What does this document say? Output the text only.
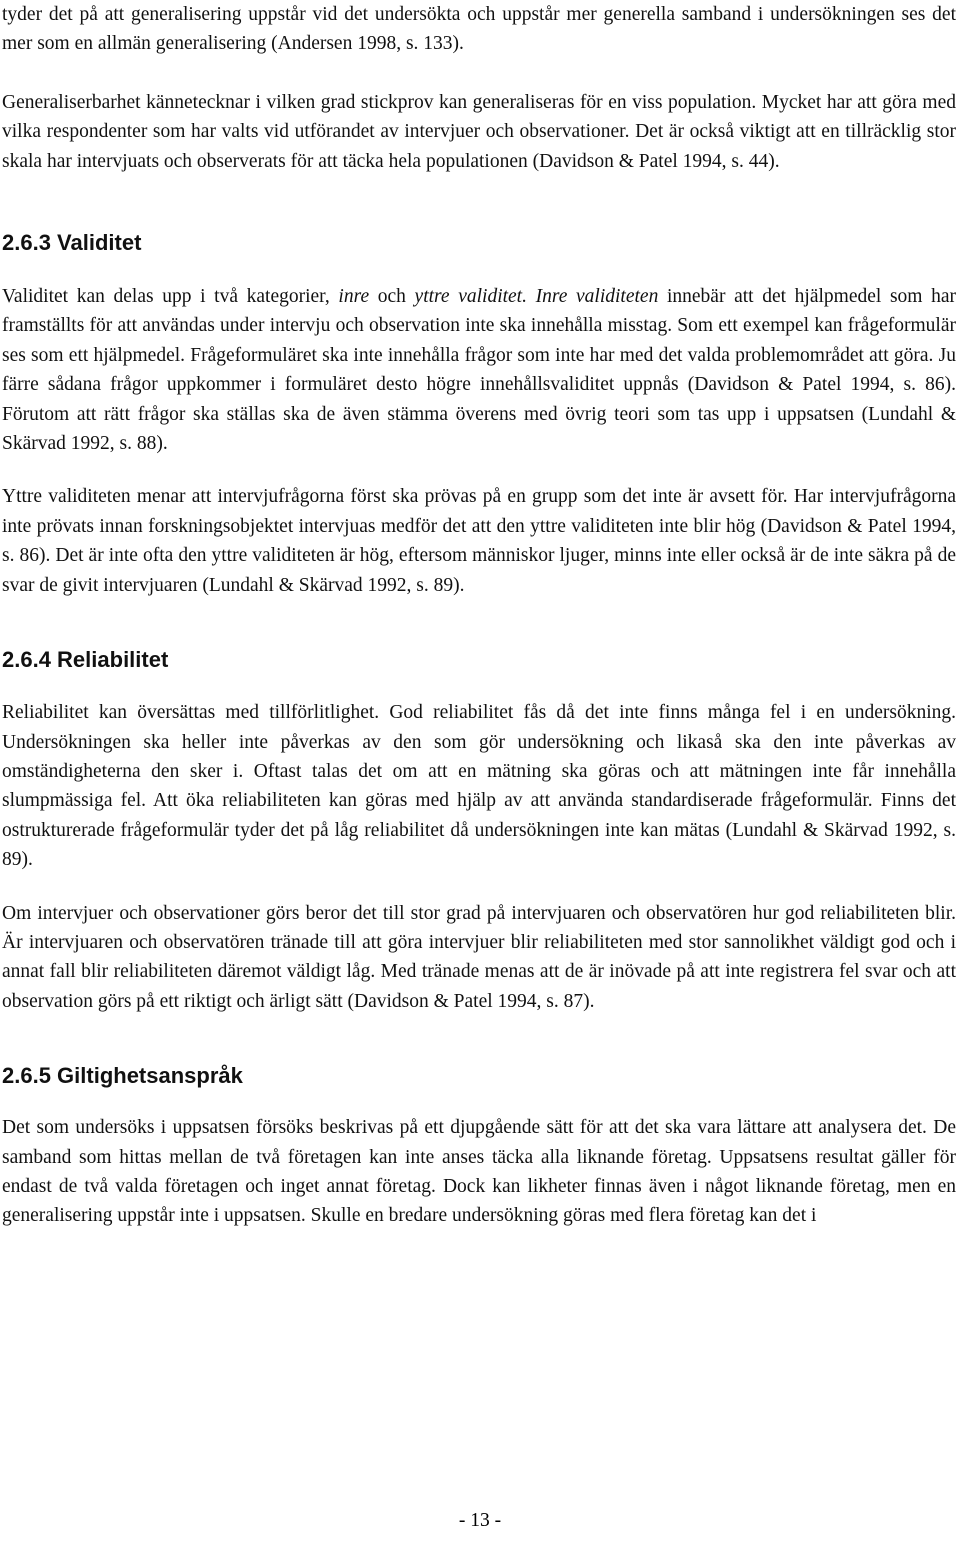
tyder det på att generalisering uppstår vid det undersökta och uppstår mer generella samband i undersökningen ses det mer som en allmän generalisering (Andersen 1998, s. 133).

Generaliserbarhet kännetecknar i vilken grad stickprov kan generaliseras för en viss population. Mycket har att göra med vilka respondenter som har valts vid utförandet av intervjuer och observationer. Det är också viktigt att en tillräcklig stor skala har intervjuats och observerats för att täcka hela populationen (Davidson & Patel 1994, s. 44).

2.6.3 Validitet

Validitet kan delas upp i två kategorier, inre och yttre validitet. Inre validiteten innebär att det hjälpmedel som har framställts för att användas under intervju och observation inte ska innehålla misstag. Som ett exempel kan frågeformulär ses som ett hjälpmedel. Frågeformuläret ska inte innehålla frågor som inte har med det valda problemområdet att göra. Ju färre sådana frågor uppkommer i formuläret desto högre innehållsvaliditet uppnås (Davidson & Patel 1994, s. 86). Förutom att rätt frågor ska ställas ska de även stämma överens med övrig teori som tas upp i uppsatsen (Lundahl & Skärvad 1992, s. 88).

Yttre validiteten menar att intervjufrågorna först ska prövas på en grupp som det inte är avsett för. Har intervjufrågorna inte prövats innan forskningsobjektet intervjuas medför det att den yttre validiteten inte blir hög (Davidson & Patel 1994, s. 86). Det är inte ofta den yttre validiteten är hög, eftersom människor ljuger, minns inte eller också är de inte säkra på de svar de givit intervjuaren (Lundahl & Skärvad 1992, s. 89).

2.6.4 Reliabilitet

Reliabilitet kan översättas med tillförlitlighet. God reliabilitet fås då det inte finns många fel i en undersökning. Undersökningen ska heller inte påverkas av den som gör undersökning och likaså ska den inte påverkas av omständigheterna den sker i. Oftast talas det om att en mätning ska göras och att mätningen inte får innehålla slumpmässiga fel. Att öka reliabiliteten kan göras med hjälp av att använda standardiserade frågeformulär. Finns det ostrukturerade frågeformulär tyder det på låg reliabilitet då undersökningen inte kan mätas (Lundahl & Skärvad 1992, s. 89).

Om intervjuer och observationer görs beror det till stor grad på intervjuaren och observatören hur god reliabiliteten blir. Är intervjuaren och observatören tränade till att göra intervjuer blir reliabiliteten med stor sannolikhet väldigt god och i annat fall blir reliabiliteten däremot väldigt låg. Med tränade menas att de är inövade på att inte registrera fel svar och att observation görs på ett riktigt och ärligt sätt (Davidson & Patel 1994, s. 87).

2.6.5 Giltighetsanspråk

Det som undersöks i uppsatsen försöks beskrivas på ett djupgående sätt för att det ska vara lättare att analysera det. De samband som hittas mellan de två företagen kan inte anses täcka alla liknande företag. Uppsatsens resultat gäller för endast de två valda företagen och inget annat företag. Dock kan likheter finnas även i något liknande företag, men en generalisering uppstår inte i uppsatsen. Skulle en bredare undersökning göras med flera företag kan det i

- 13 -
